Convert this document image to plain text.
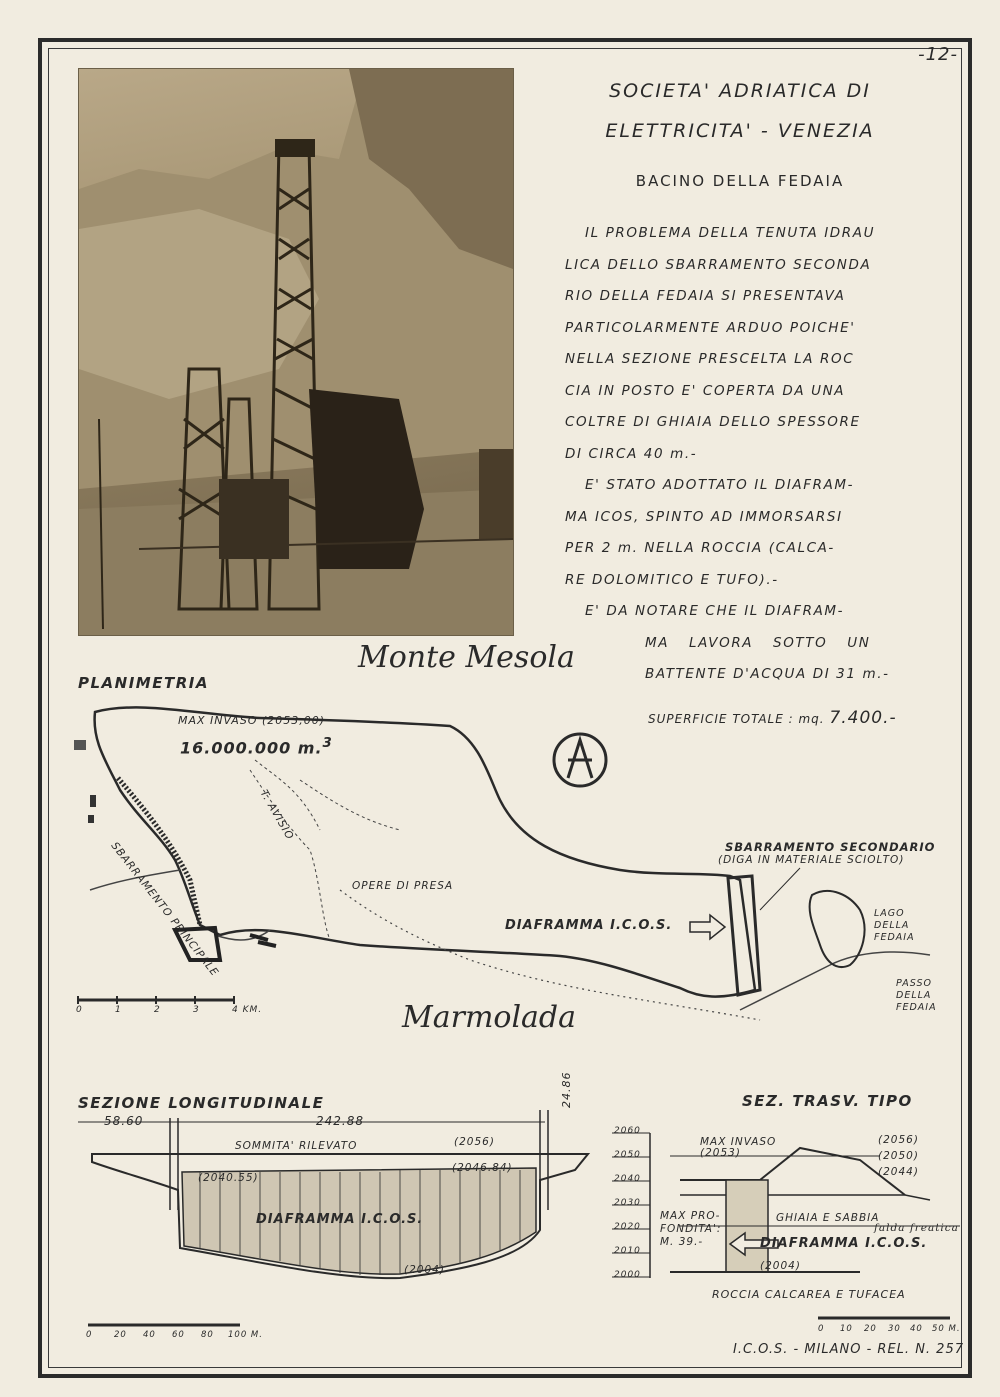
-12-
SOCIETA' ADRIATICA DI
ELETTRICITA' - VENEZIA
BACINO DELLA FEDAIA
IL PROBLEMA DELLA TENUTA IDRAU
LICA DELLO SBARRAMENTO SECONDA
RIO DELLA FEDAIA SI PRESENTAVA
PARTICOLARMENTE ARDUO POICHE'
NELLA SEZIONE PRESCELTA LA ROC
CIA IN POSTO E' COPERTA DA UNA
COLTRE DI GHIAIA DELLO SPESSORE
DI CIRCA 40 m.-
E' STATO ADOTTATO IL DIAFRAM-
MA ICOS, SPINTO AD IMMORSARSI
PER 2 m. NELLA ROCCIA (CALCA-
RE DOLOMITICO E TUFO).-
E' DA NOTARE CHE IL DIAFRAM-
MA LAVORA SOTTO UN
BATTENTE D'ACQUA DI 31 m.-
SUPERFICIE TOTALE : mq. 7.400.-
PLANIMETRIA
Monte Mesola
Marmolada
MAX INVASO (2053,00)
16.000.000 m.$^3$
SBARRAMENTO PRINCIPALE
T. AVISIO
OPERE DI PRESA
DIAFRAMMA I.C.O.S.
SBARRAMENTO SECONDARIO
(DIGA IN MATERIALE SCIOLTO)
LAGO
DELLA
FEDAIA
PASSO
DELLA
FEDAIA
0	1	2	3	4 KM.
SEZIONE LONGITUDINALE
58.60	242.88
24.86
SOMMITA' RILEVATO	(2056)
(2046.84)
(2040.55)
DIAFRAMMA I.C.O.S.
(2004)
0	20 40 60 80 100 M.
SEZ. TRASV. TIPO
2060
2050
2040
2030
2020
2010
2000
MAX INVASO
(2053)
(2056)
(2050)
(2044)
MAX PRO-
FONDITA':
M. 39.-
GHIAIA E SABBIA
falda freatica
DIAFRAMMA I.C.O.S.
(2004)
ROCCIA CALCAREA E TUFACEA
0 10 20 30 40 50 M.
I.C.O.S. - MILANO - REL. N. 257
